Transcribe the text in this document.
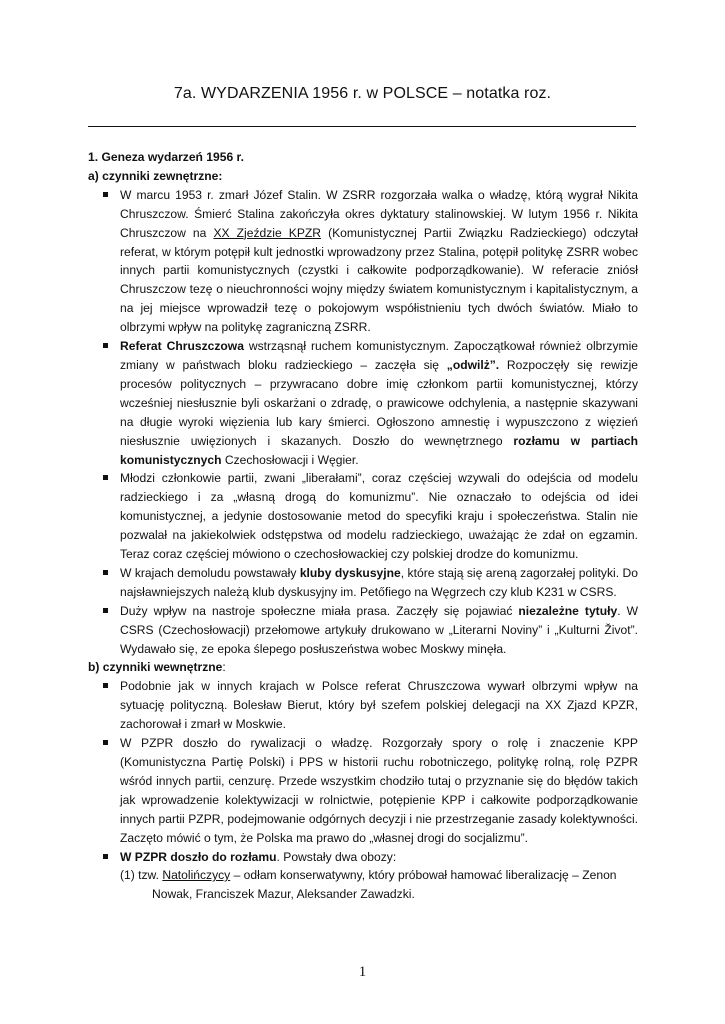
7a. WYDARZENIA 1956 r. w POLSCE – notatka roz.

1. Geneza wydarzeń 1956 r.

a) czynniki zewnętrzne:

W marcu 1953 r. zmarł Józef Stalin. W ZSRR rozgorzała walka o władzę, którą wygrał Nikita Chruszczow. Śmierć Stalina zakończyła okres dyktatury stalinowskiej. W lutym 1956 r. Nikita Chruszczow na XX Zjeździe KPZR (Komunistycznej Partii Związku Radzieckiego) odczytał referat, w którym potępił kult jednostki wprowadzony przez Stalina, potępił politykę ZSRR wobec innych partii komunistycznych (czystki i całkowite podporządkowanie). W referacie zniósł Chruszczow tezę o nieuchronności wojny między światem komunistycznym i kapitalistycznym, a na jej miejsce wprowadził tezę o pokojowym współistnieniu tych dwóch światów. Miało to olbrzymi wpływ na politykę zagraniczną ZSRR.
Referat Chruszczowa wstrząsnął ruchem komunistycznym. Zapoczątkował również olbrzymie zmiany w państwach bloku radzieckiego – zaczęła się „odwilż”. Rozpoczęły się rewizje procesów politycznych – przywracano dobre imię członkom partii komunistycznej, którzy wcześniej niesłusznie byli oskarżani o zdradę, o prawicowe odchylenia, a następnie skazywani na długie wyroki więzienia lub kary śmierci. Ogłoszono amnestię i wypuszczono z więzień niesłusznie uwięzionych i skazanych. Doszło do wewnętrznego rozłamu w partiach komunistycznych Czechosłowacji i Węgier.
Młodzi członkowie partii, zwani „liberałami”, coraz częściej wzywali do odejścia od modelu radzieckiego i za „własną drogą do komunizmu”. Nie oznaczało to odejścia od idei komunistycznej, a jedynie dostosowanie metod do specyfiki kraju i społeczeństwa. Stalin nie pozwalał na jakiekolwiek odstępstwa od modelu radzieckiego, uważając że zdał on egzamin. Teraz coraz częściej mówiono o czechosłowackiej czy polskiej drodze do komunizmu.
W krajach demoludu powstawały kluby dyskusyjne, które stają się areną zagorzałej polityki. Do najsławniejszych należą klub dyskusyjny im. Petőfiego na Węgrzech czy klub K231 w CSRS.
Duży wpływ na nastroje społeczne miała prasa. Zaczęły się pojawiać niezależne tytuły. W CSRS (Czechosłowacji) przełomowe artykuły drukowano w „Literarni Noviny” i „Kulturni Život”. Wydawało się, ze epoka ślepego posłuszeństwa wobec Moskwy minęła.

b) czynniki wewnętrzne:

Podobnie jak w innych krajach w Polsce referat Chruszczowa wywarł olbrzymi wpływ na sytuację polityczną. Bolesław Bierut, który był szefem polskiej delegacji na XX Zjazd KPZR, zachorował i zmarł w Moskwie.
W PZPR doszło do rywalizacji o władzę. Rozgorzały spory o rolę i znaczenie KPP (Komunistyczna Partię Polski) i PPS w historii ruchu robotniczego, politykę rolną, rolę PZPR wśród innych partii, cenzurę. Przede wszystkim chodziło tutaj o przyznanie się do błędów takich jak wprowadzenie kolektywizacji w rolnictwie, potępienie KPP i całkowite podporządkowanie innych partii PZPR, podejmowanie odgórnych decyzji i nie przestrzeganie zasady kolektywności. Zaczęto mówić o tym, że Polska ma prawo do „własnej drogi do socjalizmu”.
W PZPR doszło do rozłamu. Powstały dwa obozy:
(1) tzw. Natolińczycy – odłam konserwatywny, który próbował hamować liberalizację – Zenon Nowak, Franciszek Mazur, Aleksander Zawadzki.
1
